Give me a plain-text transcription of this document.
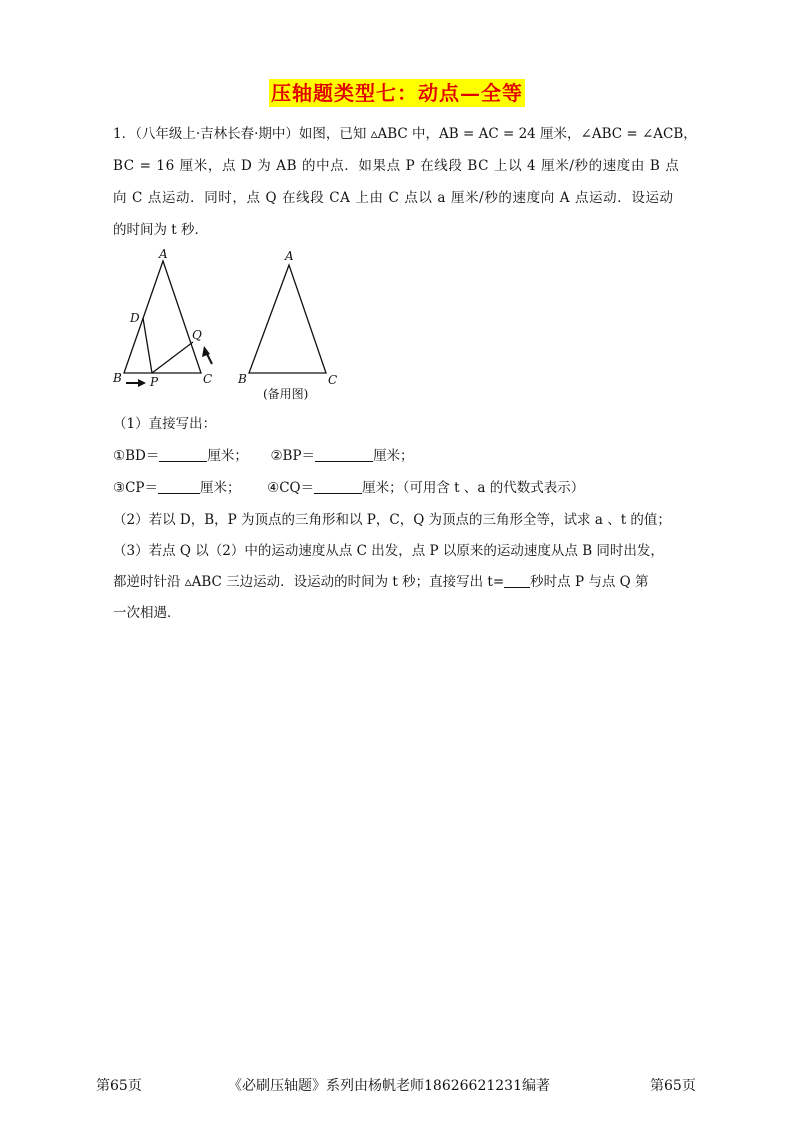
压轴题类型七：动点—全等
1．（八年级上·吉林长春·期中）如图，已知 ▵ABC 中，AB = AC = 24 厘米，∠ABC = ∠ACB，
BC = 16 厘米，点 D 为 AB 的中点．如果点 P 在线段 BC 上以 4 厘米/秒的速度由 B 点
向 C 点运动．同时，点 Q 在线段 CA 上由 C 点以 a 厘米/秒的速度向 A 点运动．设运动
的时间为 t 秒．
A
D
Q
B P	C
A
B	C
(备用图)
（1）直接写出：
①BD＝	厘米； ②BP＝	厘米；
③CP＝	厘米； ④CQ＝	厘米；（可用含 t 、a 的代数式表示）
（2）若以 D，B，P 为顶点的三角形和以 P，C，Q 为顶点的三角形全等，试求 a 、t 的值；
（3）若点 Q 以（2）中的运动速度从点 C 出发，点 P 以原来的运动速度从点 B 同时出发，
都逆时针沿 ▵ABC 三边运动．设运动的时间为 t 秒；直接写出 t= 秒时点 P 与点 Q 第
一次相遇．
第65页	《必刷压轴题》系列由杨帆老师18626621231编著	第65页
